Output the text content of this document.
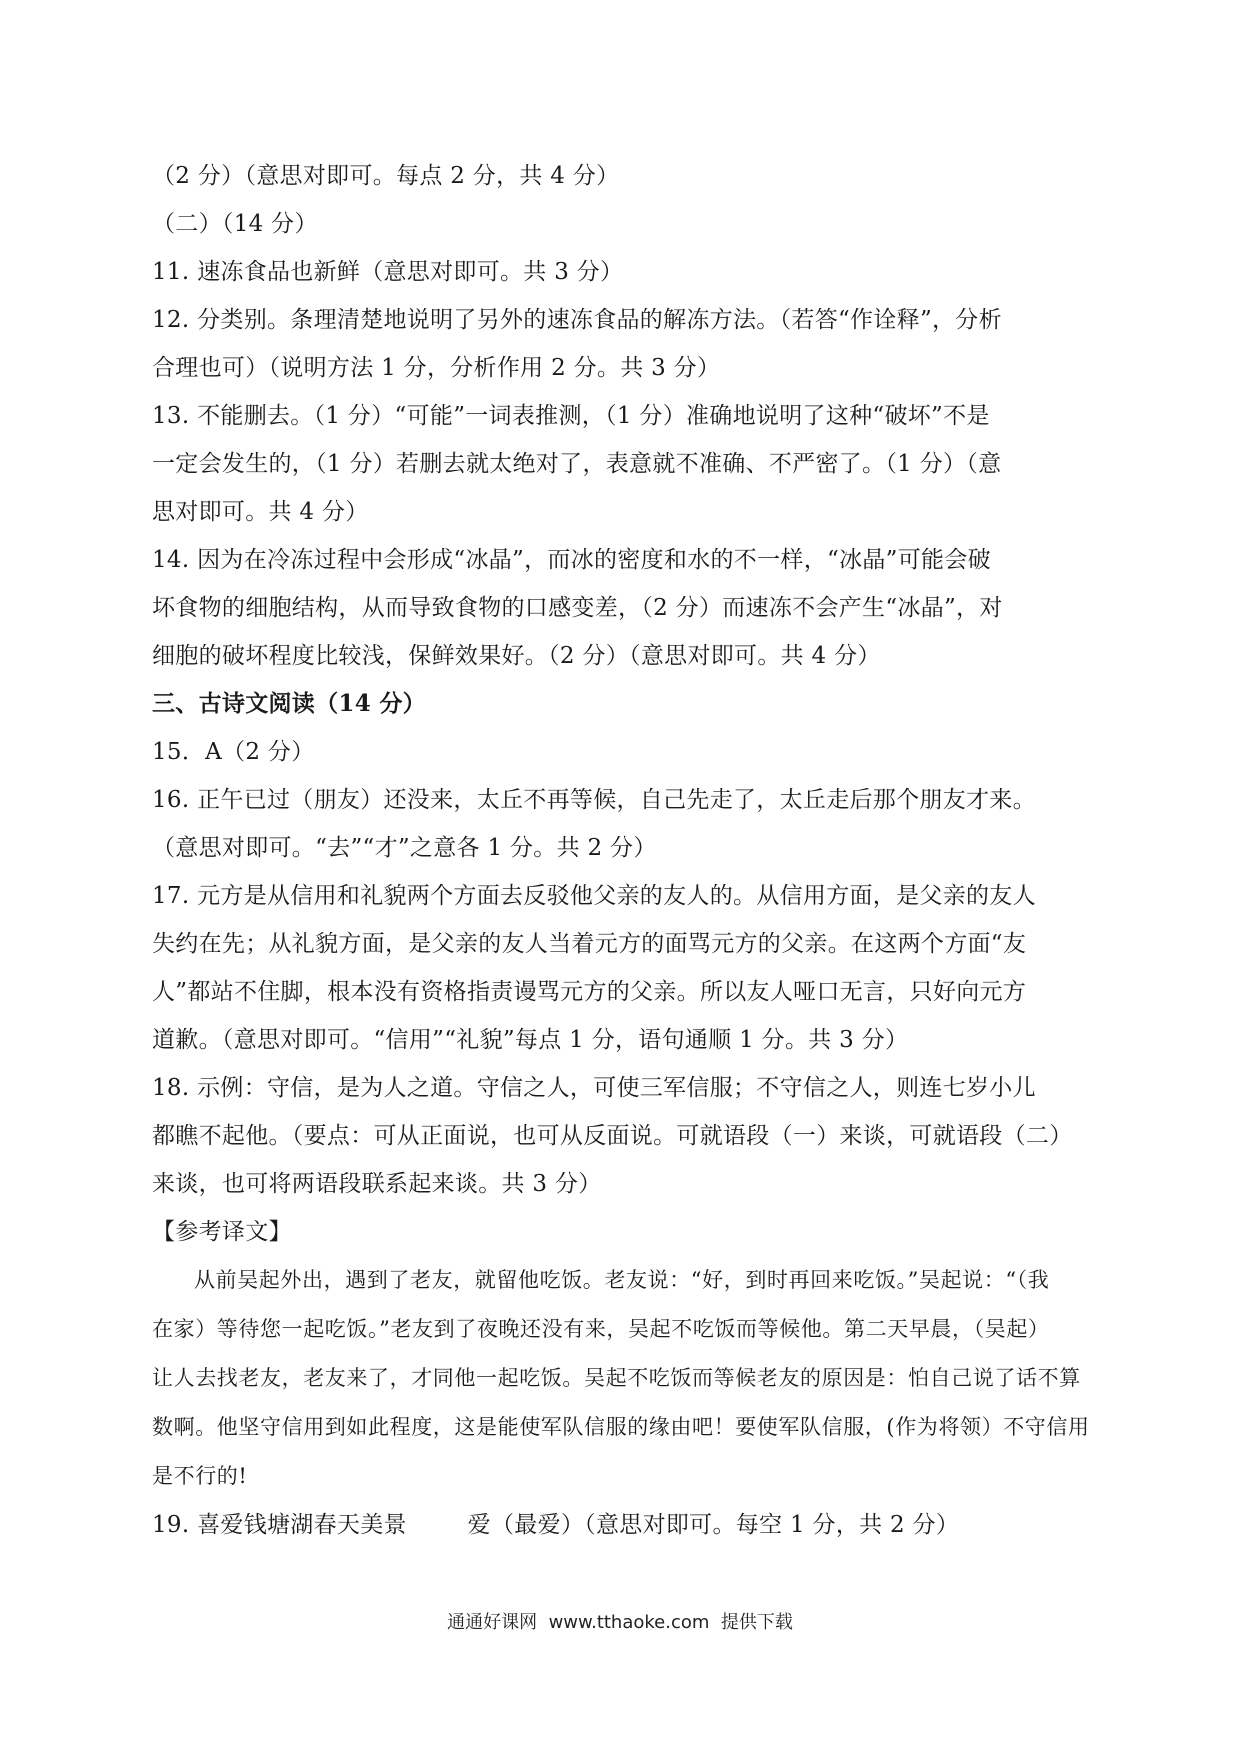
（2 分）（意思对即可。每点 2 分，共 4 分）
（二）（14 分）
11. 速冻食品也新鲜（意思对即可。共 3 分）
12. 分类别。条理清楚地说明了另外的速冻食品的解冻方法。（若答“作诠释”，分析
合理也可）（说明方法 1 分，分析作用 2 分。共 3 分）
13. 不能删去。（1 分）“可能”一词表推测，（1 分）准确地说明了这种“破坏”不是
一定会发生的，（1 分）若删去就太绝对了，表意就不准确、不严密了。（1 分）（意
思对即可。共 4 分）
14. 因为在冷冻过程中会形成“冰晶”，而冰的密度和水的不一样，“冰晶”可能会破
坏食物的细胞结构，从而导致食物的口感变差，（2 分）而速冻不会产生“冰晶”，对
细胞的破坏程度比较浅，保鲜效果好。（2 分）（意思对即可。共 4 分）
三、古诗文阅读（14 分）
15．A（2 分）
16. 正午已过（朋友）还没来，太丘不再等候，自己先走了，太丘走后那个朋友才来。
（意思对即可。“去”“才”之意各 1 分。共 2 分）
17. 元方是从信用和礼貌两个方面去反驳他父亲的友人的。从信用方面，是父亲的友人
失约在先；从礼貌方面，是父亲的友人当着元方的面骂元方的父亲。在这两个方面“友
人”都站不住脚，根本没有资格指责谩骂元方的父亲。所以友人哑口无言，只好向元方
道歉。（意思对即可。“信用”“礼貌”每点 1 分，语句通顺 1 分。共 3 分）
18. 示例：守信，是为人之道。守信之人，可使三军信服；不守信之人，则连七岁小儿
都瞧不起他。（要点：可从正面说，也可从反面说。可就语段（一）来谈，可就语段（二）
来谈，也可将两语段联系起来谈。共 3 分）
【参考译文】
从前吴起外出，遇到了老友，就留他吃饭。老友说：“好，到时再回来吃饭。”吴起说：“（我
在家）等待您一起吃饭。”老友到了夜晚还没有来，吴起不吃饭而等候他。第二天早晨，（吴起）
让人去找老友，老友来了，才同他一起吃饭。吴起不吃饭而等候老友的原因是：怕自己说了话不算
数啊。他坚守信用到如此程度，这是能使军队信服的缘由吧！要使军队信服，(作为将领）不守信用
是不行的!
19. 喜爱钱塘湖春天美景        爱（最爱）（意思对即可。每空 1 分，共 2 分）
通通好课网  www.tthaoke.com  提供下载
